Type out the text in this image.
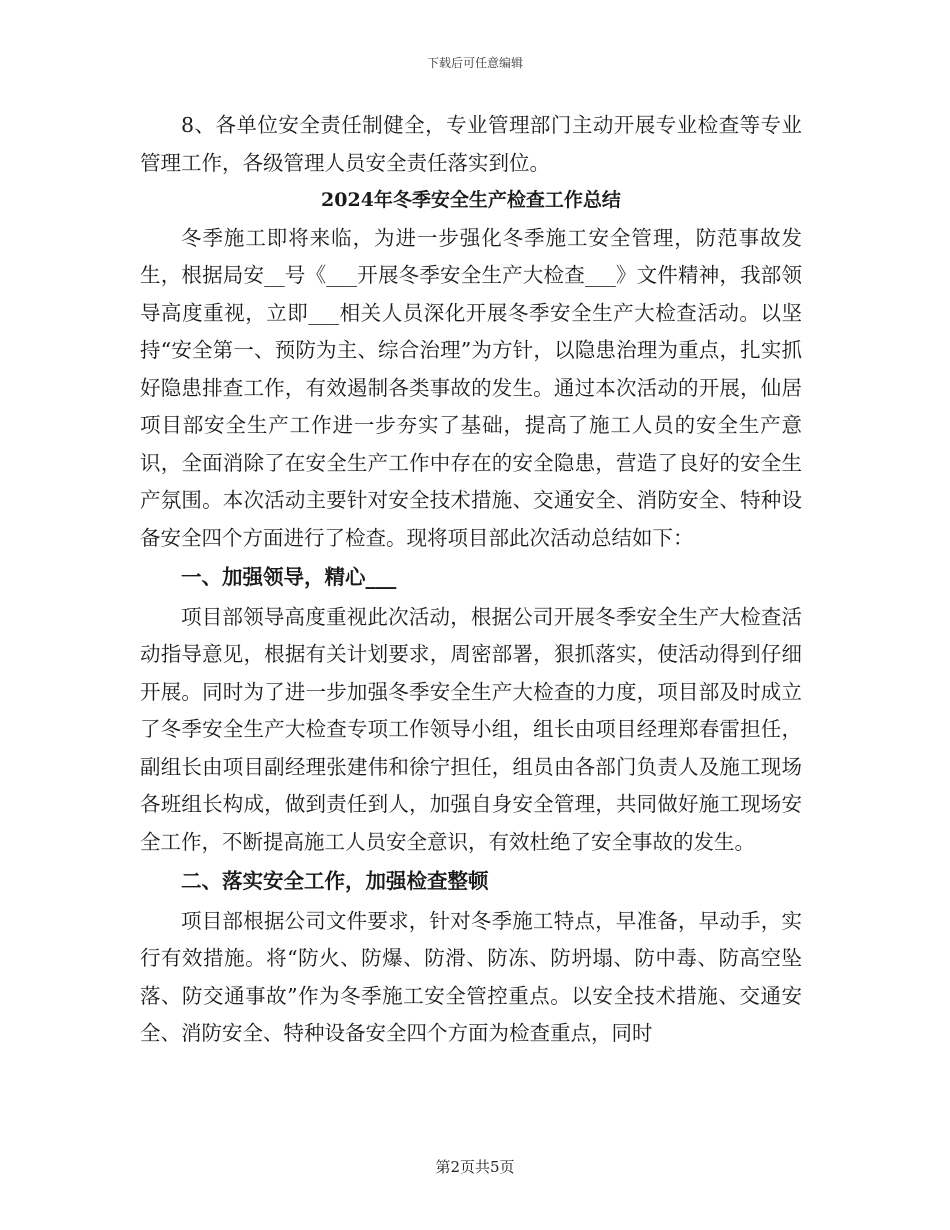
下载后可任意编辑

8、各单位安全责任制健全，专业管理部门主动开展专业检查等专业管理工作，各级管理人员安全责任落实到位。

2024年冬季安全生产检查工作总结

冬季施工即将来临，为进一步强化冬季施工安全管理，防范事故发生，根据局安__号《___开展冬季安全生产大检查___》文件精神，我部领导高度重视，立即___相关人员深化开展冬季安全生产大检查活动。以坚持“安全第一、预防为主、综合治理”为方针，以隐患治理为重点，扎实抓好隐患排查工作，有效遏制各类事故的发生。通过本次活动的开展，仙居项目部安全生产工作进一步夯实了基础，提高了施工人员的安全生产意识，全面消除了在安全生产工作中存在的安全隐患，营造了良好的安全生产氛围。本次活动主要针对安全技术措施、交通安全、消防安全、特种设备安全四个方面进行了检查。现将项目部此次活动总结如下：

一、加强领导，精心___

项目部领导高度重视此次活动，根据公司开展冬季安全生产大检查活动指导意见，根据有关计划要求，周密部署，狠抓落实，使活动得到仔细开展。同时为了进一步加强冬季安全生产大检查的力度，项目部及时成立了冬季安全生产大检查专项工作领导小组，组长由项目经理郑春雷担任，副组长由项目副经理张建伟和徐宁担任，组员由各部门负责人及施工现场各班组长构成，做到责任到人，加强自身安全管理，共同做好施工现场安全工作，不断提高施工人员安全意识，有效杜绝了安全事故的发生。

二、落实安全工作，加强检查整顿

项目部根据公司文件要求，针对冬季施工特点，早准备，早动手，实行有效措施。将“防火、防爆、防滑、防冻、防坍塌、防中毒、防高空坠落、防交通事故”作为冬季施工安全管控重点。以安全技术措施、交通安全、消防安全、特种设备安全四个方面为检查重点，同时

第2页共5页
